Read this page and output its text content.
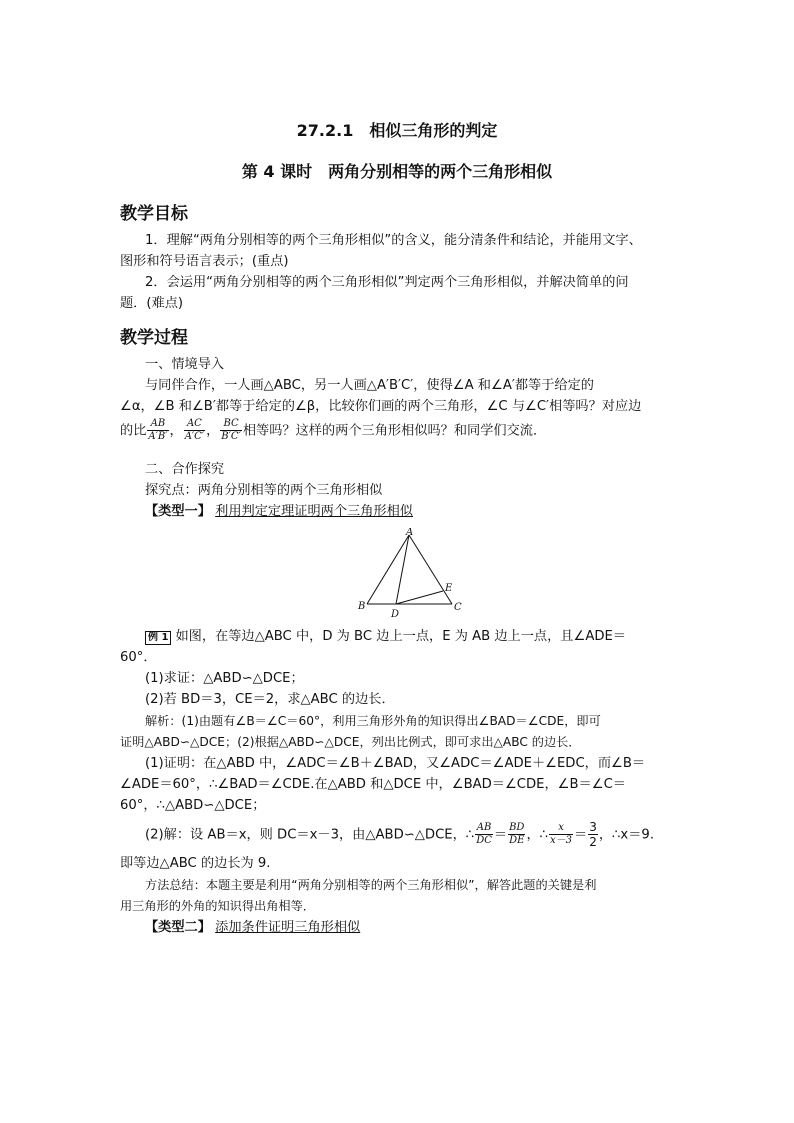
27.2.1　相似三角形的判定
第 4 课时　两角分别相等的两个三角形相似
教学目标
1．理解“两角分别相等的两个三角形相似”的含义，能分清条件和结论，并能用文字、
图形和符号语言表示；(重点)
2．会运用“两角分别相等的两个三角形相似”判定两个三角形相似，并解决简单的问
题．(难点)
教学过程
一、情境导入
与同伴合作，一人画△ABC，另一人画△A′B′C′，使得∠A 和∠A′都等于给定的
∠α，∠B 和∠B′都等于给定的∠β，比较你们画的两个三角形，∠C 与∠C′相等吗？对应边
的比 $\frac{AB}{A'B'}$ ， $\frac{AC}{A'C'}$ ， $\frac{BC}{B'C'}$ 相等吗？这样的两个三角形相似吗？和同学们交流．
二、合作探究
探究点：两角分别相等的两个三角形相似
【类型一】 利用判定定理证明两个三角形相似
A
B	C
D
E
例 1 如图，在等边△ABC 中，D 为 BC 边上一点，E 为 AB 边上一点，且∠ADE＝
60°．
(1)求证：△ABD∽△DCE；
(2)若 BD＝3，CE＝2，求△ABC 的边长．
解析：(1)由题有∠B＝∠C＝60°，利用三角形外角的知识得出∠BAD＝∠CDE，即可
证明△ABD∽△DCE；(2)根据△ABD∽△DCE，列出比例式，即可求出△ABC 的边长．
(1)证明：在△ABD 中，∠ADC＝∠B＋∠BAD，又∠ADC＝∠ADE＋∠EDC，而∠B＝
∠ADE＝60°，∴∠BAD＝∠CDE.在△ABD 和△DCE 中，∠BAD＝∠CDE，∠B＝∠C＝
60°，∴△ABD∽△DCE；
(2)解：设 AB＝x，则 DC＝x－3，由△ABD∽△DCE，∴ $\frac{AB}{DC} = \frac{BD}{DE}$ ，∴ $\frac{x}{x-3} = \frac{3}{2}$ ，∴x＝9.
即等边△ABC 的边长为 9.
方法总结：本题主要是利用“两角分别相等的两个三角形相似”，解答此题的关键是利
用三角形的外角的知识得出角相等．
【类型二】 添加条件证明三角形相似
